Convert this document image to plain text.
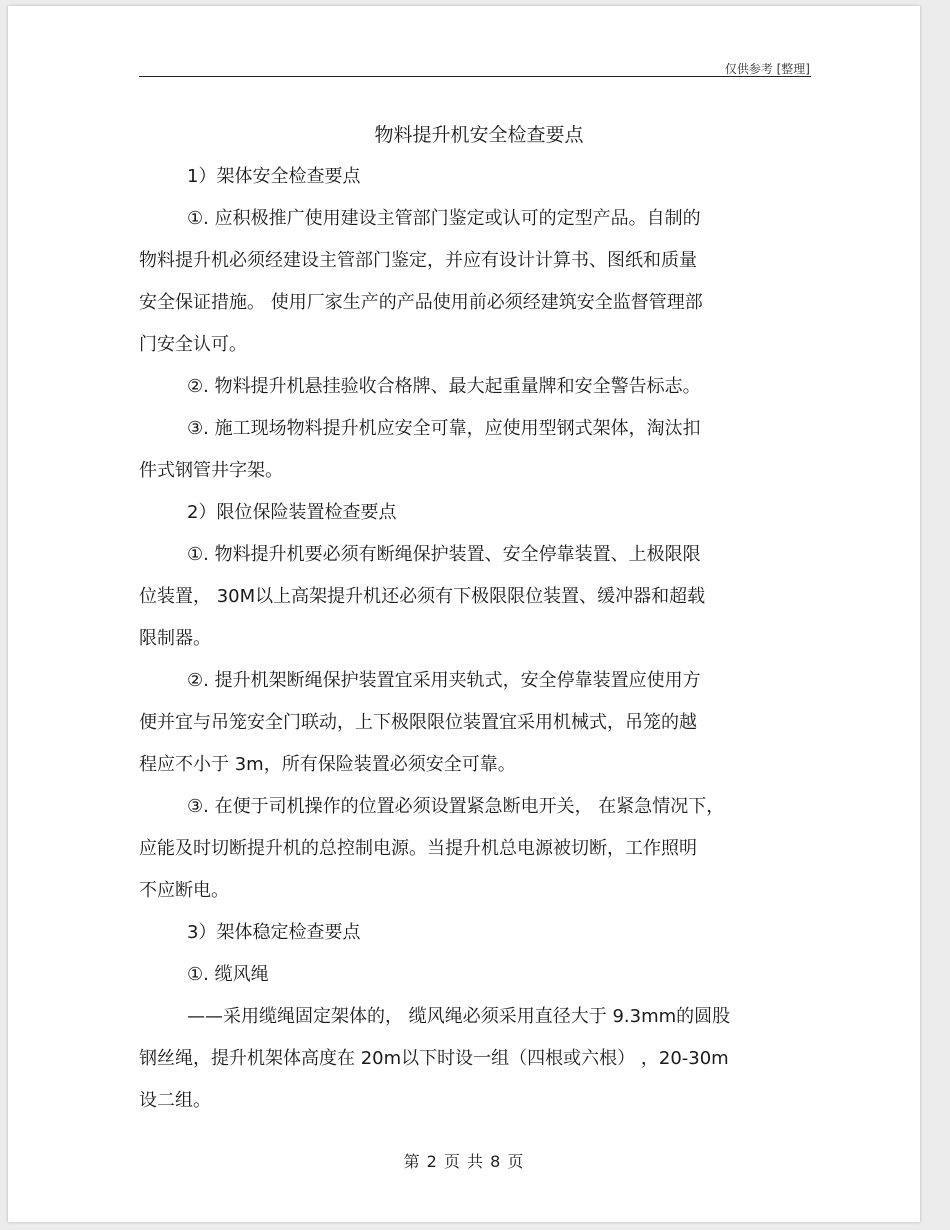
仅供参考 [整理]
物料提升机安全检查要点
1）架体安全检查要点
①. 应积极推广使用建设主管部门鉴定或认可的定型产品。自制的
物料提升机必须经建设主管部门鉴定，并应有设计计算书、图纸和质量
安全保证措施。 使用厂家生产的产品使用前必须经建筑安全监督管理部
门安全认可。
②. 物料提升机悬挂验收合格牌、最大起重量牌和安全警告标志。
③. 施工现场物料提升机应安全可靠，应使用型钢式架体，淘汰扣
件式钢管井字架。
2）限位保险装置检查要点
①. 物料提升机要必须有断绳保护装置、安全停靠装置、上极限限
位装置， 30M以上高架提升机还必须有下极限限位装置、缓冲器和超载
限制器。
②. 提升机架断绳保护装置宜采用夹轨式，安全停靠装置应使用方
便并宜与吊笼安全门联动，上下极限限位装置宜采用机械式，吊笼的越
程应不小于 3m，所有保险装置必须安全可靠。
③. 在便于司机操作的位置必须设置紧急断电开关， 在紧急情况下，
应能及时切断提升机的总控制电源。当提升机总电源被切断，工作照明
不应断电。
3）架体稳定检查要点
①. 缆风绳
——采用缆绳固定架体的， 缆风绳必须采用直径大于 9.3mm的圆股
钢丝绳，提升机架体高度在 20m以下时设一组（四根或六根） ，20-30m
设二组。
第 2 页 共 8 页
